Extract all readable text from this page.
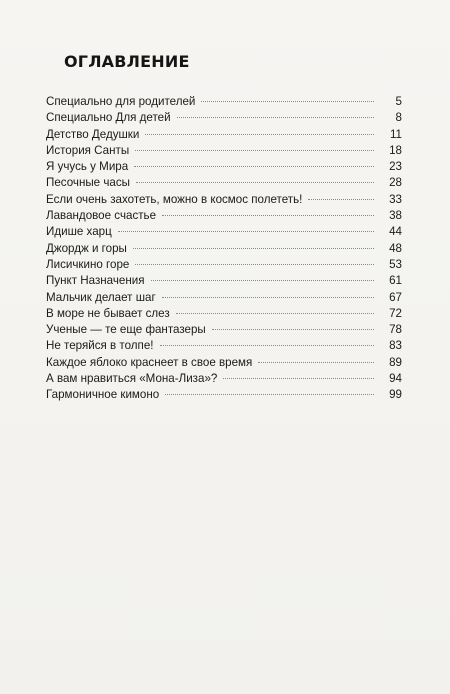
ОГЛАВЛЕНИЕ
Специально для родителей	5
Специально Для детей	8
Детство Дедушки	11
История Санты	18
Я учусь у Мира	23
Песочные часы	28
Если очень захотеть, можно в космос полететь!	33
Лавандовое счастье	38
Идише харц	44
Джордж и горы	48
Лисичкино горе	53
Пункт Назначения	61
Мальчик делает шаг	67
В море не бывает слез	72
Ученые — те еще фантазеры	78
Не теряйся в толпе!	83
Каждое яблоко краснеет в свое время	89
А вам нравиться «Мона-Лиза»?	94
Гармоничное кимоно	99
